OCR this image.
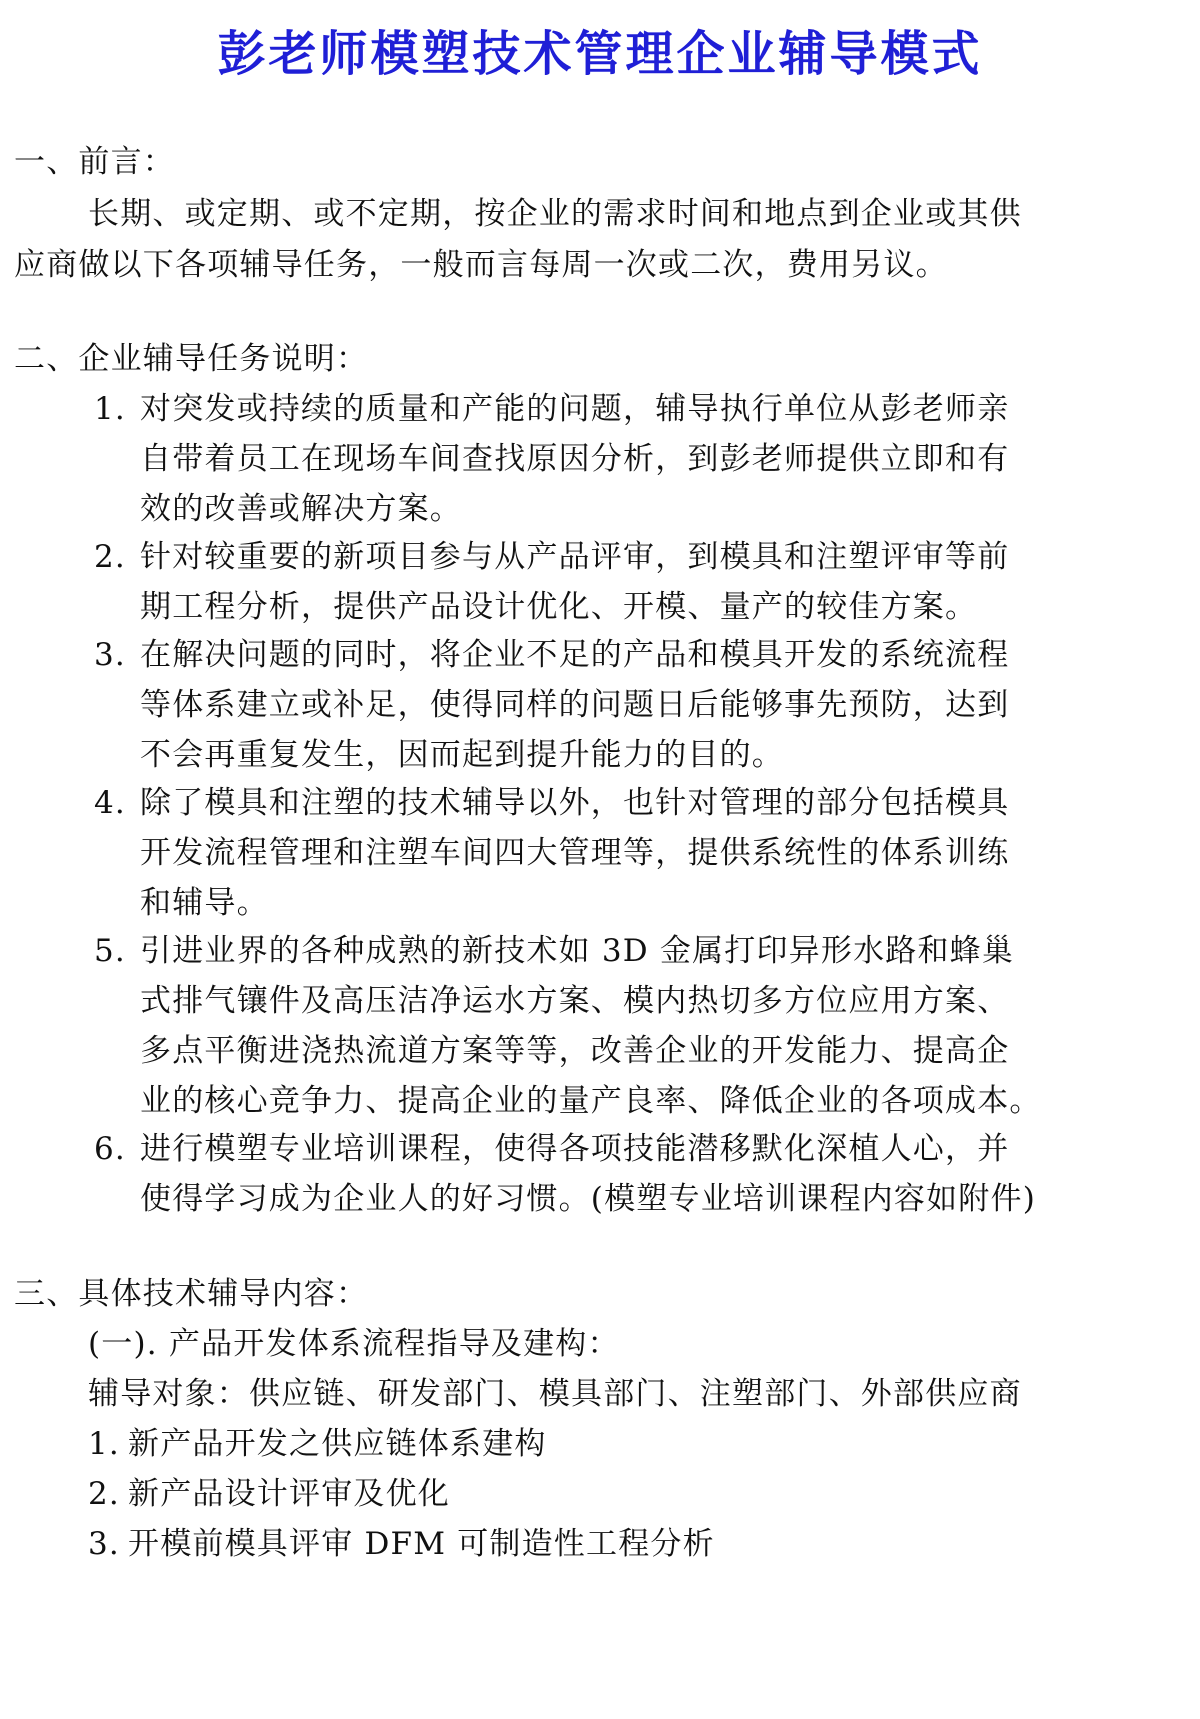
彭老师模塑技术管理企业辅导模式
一、前言：
长期、或定期、或不定期，按企业的需求时间和地点到企业或其供
应商做以下各项辅导任务，一般而言每周一次或二次，费用另议。
二、企业辅导任务说明：
1. 对突发或持续的质量和产能的问题，辅导执行单位从彭老师亲
自带着员工在现场车间查找原因分析，到彭老师提供立即和有
效的改善或解决方案。
2. 针对较重要的新项目参与从产品评审，到模具和注塑评审等前
期工程分析，提供产品设计优化、开模、量产的较佳方案。
3. 在解决问题的同时，将企业不足的产品和模具开发的系统流程
等体系建立或补足，使得同样的问题日后能够事先预防，达到
不会再重复发生，因而起到提升能力的目的。
4. 除了模具和注塑的技术辅导以外，也针对管理的部分包括模具
开发流程管理和注塑车间四大管理等，提供系统性的体系训练
和辅导。
5. 引进业界的各种成熟的新技术如 3D 金属打印异形水路和蜂巢
式排气镶件及高压洁净运水方案、模内热切多方位应用方案、
多点平衡进浇热流道方案等等，改善企业的开发能力、提高企
业的核心竞争力、提高企业的量产良率、降低企业的各项成本。
6. 进行模塑专业培训课程，使得各项技能潜移默化深植人心，并
使得学习成为企业人的好习惯。(模塑专业培训课程内容如附件)
三、具体技术辅导内容：
(一). 产品开发体系流程指导及建构：
辅导对象：供应链、研发部门、模具部门、注塑部门、外部供应商
1. 新产品开发之供应链体系建构
2. 新产品设计评审及优化
3. 开模前模具评审 DFM 可制造性工程分析
